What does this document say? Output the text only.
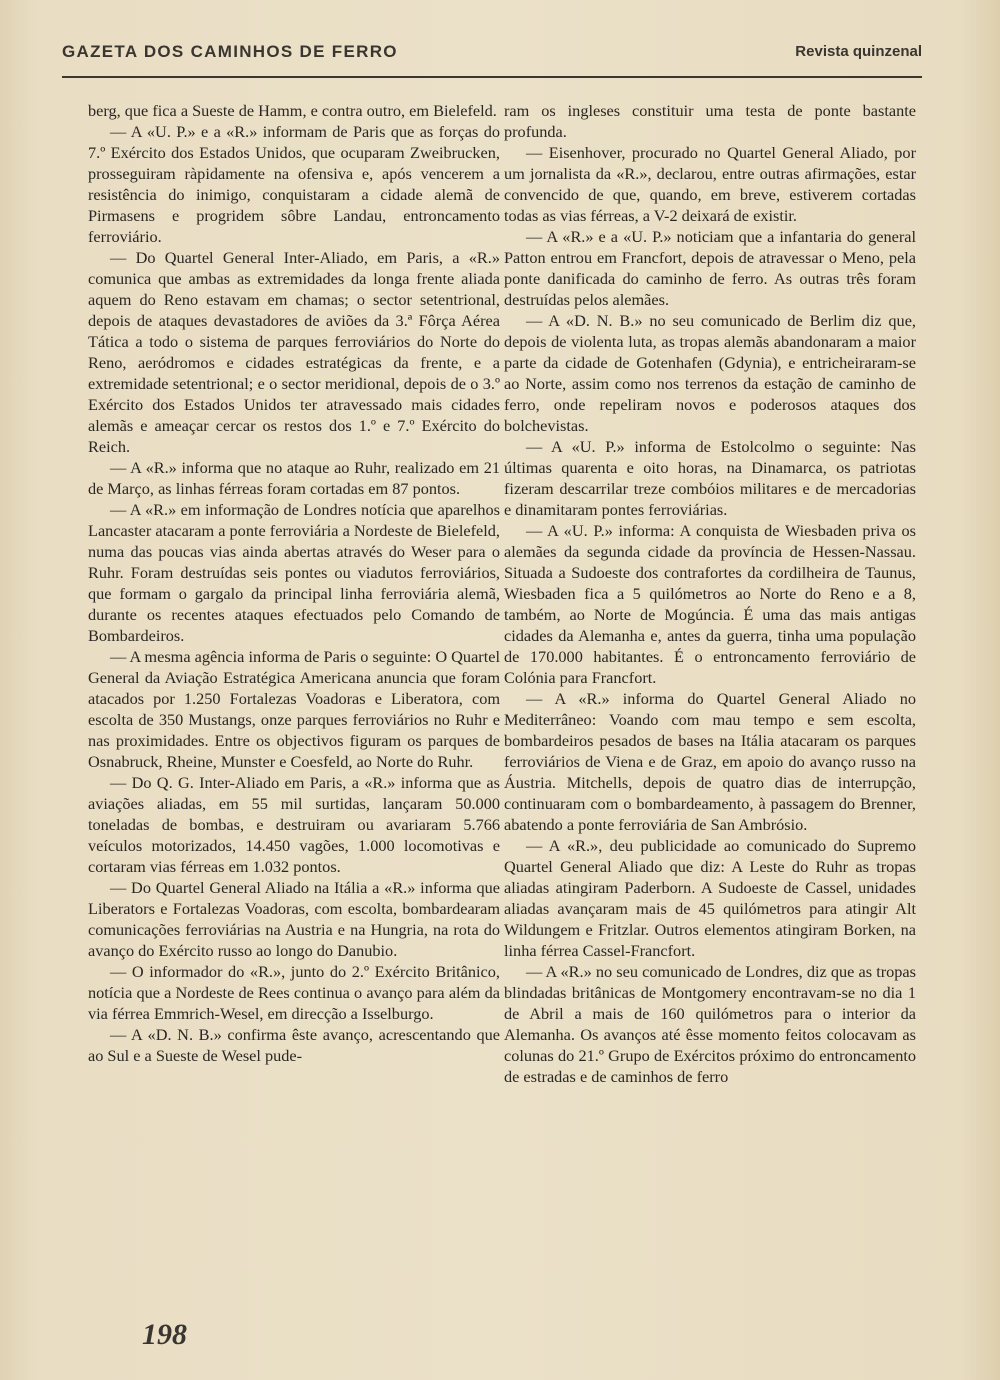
GAZETA DOS CAMINHOS DE FERRO	Revista quinzenal

berg, que fica a Sueste de Hamm, e contra outro, em Bielefeld.

— A «U. P.» e a «R.» informam de Paris que as forças do 7.º Exército dos Estados Unidos, que ocuparam Zweibrucken, prosseguiram ràpidamente na ofensiva e, após vencerem a resistência do inimigo, conquistaram a cidade alemã de Pirmasens e progridem sôbre Landau, entroncamento ferroviário.

— Do Quartel General Inter-Aliado, em Paris, a «R.» comunica que ambas as extremidades da longa frente aliada aquem do Reno estavam em chamas; o sector setentrional, depois de ataques devastadores de aviões da 3.ª Fôrça Aérea Tática a todo o sistema de parques ferroviários do Norte do Reno, aeródromos e cidades estratégicas da frente, e a extremidade setentrional; e o sector meridional, depois de o 3.º Exército dos Estados Unidos ter atravessado mais cidades alemãs e ameaçar cercar os restos dos 1.º e 7.º Exército do Reich.

— A «R.» informa que no ataque ao Ruhr, realizado em 21 de Março, as linhas férreas foram cortadas em 87 pontos.

— A «R.» em informação de Londres notícia que aparelhos Lancaster atacaram a ponte ferroviária a Nordeste de Bielefeld, numa das poucas vias ainda abertas através do Weser para o Ruhr. Foram destruídas seis pontes ou viadutos ferroviários, que formam o gargalo da principal linha ferroviária alemã, durante os recentes ataques efectuados pelo Comando de Bombardeiros.

— A mesma agência informa de Paris o seguinte: O Quartel General da Aviação Estratégica Americana anuncia que foram atacados por 1.250 Fortalezas Voadoras e Liberatora, com escolta de 350 Mustangs, onze parques ferroviários no Ruhr e nas proximidades. Entre os objectivos figuram os parques de Osnabruck, Rheine, Munster e Coesfeld, ao Norte do Ruhr.

— Do Q. G. Inter-Aliado em Paris, a «R.» informa que as aviações aliadas, em 55 mil surtidas, lançaram 50.000 toneladas de bombas, e destruiram ou avariaram 5.766 veículos motorizados, 14.450 vagões, 1.000 locomotivas e cortaram vias férreas em 1.032 pontos.

— Do Quartel General Aliado na Itália a «R.» informa que Liberators e Fortalezas Voadoras, com escolta, bombardearam comunicações ferroviárias na Austria e na Hungria, na rota do avanço do Exército russo ao longo do Danubio.

— O informador do «R.», junto do 2.º Exército Britânico, notícia que a Nordeste de Rees continua o avanço para além da via férrea Emmrich-Wesel, em direcção a Isselburgo.

— A «D. N. B.» confirma êste avanço, acrescentando que ao Sul e a Sueste de Wesel pude-

ram os ingleses constituir uma testa de ponte bastante profunda.

— Eisenhover, procurado no Quartel General Aliado, por um jornalista da «R.», declarou, entre outras afirmações, estar convencido de que, quando, em breve, estiverem cortadas todas as vias férreas, a V-2 deixará de existir.

— A «R.» e a «U. P.» noticiam que a infantaria do general Patton entrou em Francfort, depois de atravessar o Meno, pela ponte danificada do caminho de ferro. As outras três foram destruídas pelos alemães.

— A «D. N. B.» no seu comunicado de Berlim diz que, depois de violenta luta, as tropas alemãs abandonaram a maior parte da cidade de Gotenhafen (Gdynia), e entricheiraram-se ao Norte, assim como nos terrenos da estação de caminho de ferro, onde repeliram novos e poderosos ataques dos bolchevistas.

— A «U. P.» informa de Estolcolmo o seguinte: Nas últimas quarenta e oito horas, na Dinamarca, os patriotas fizeram descarrilar treze combóios militares e de mercadorias e dinamitaram pontes ferroviárias.

— A «U. P.» informa: A conquista de Wiesbaden priva os alemães da segunda cidade da província de Hessen-Nassau. Situada a Sudoeste dos contrafortes da cordilheira de Taunus, Wiesbaden fica a 5 quilómetros ao Norte do Reno e a 8, também, ao Norte de Mogúncia. É uma das mais antigas cidades da Alemanha e, antes da guerra, tinha uma população de 170.000 habitantes. É o entroncamento ferroviário de Colónia para Francfort.

— A «R.» informa do Quartel General Aliado no Mediterrâneo: Voando com mau tempo e sem escolta, bombardeiros pesados de bases na Itália atacaram os parques ferroviários de Viena e de Graz, em apoio do avanço russo na Áustria. Mitchells, depois de quatro dias de interrupção, continuaram com o bombardeamento, à passagem do Brenner, abatendo a ponte ferroviária de San Ambrósio.

— A «R.», deu publicidade ao comunicado do Supremo Quartel General Aliado que diz: A Leste do Ruhr as tropas aliadas atingiram Paderborn. A Sudoeste de Cassel, unidades aliadas avançaram mais de 45 quilómetros para atingir Alt Wildungem e Fritzlar. Outros elementos atingiram Borken, na linha férrea Cassel-Francfort.

— A «R.» no seu comunicado de Londres, diz que as tropas blindadas britânicas de Montgomery encontravam-se no dia 1 de Abril a mais de 160 quilómetros para o interior da Alemanha. Os avanços até êsse momento feitos colocavam as colunas do 21.º Grupo de Exércitos próximo do entroncamento de estradas e de caminhos de ferro

198
